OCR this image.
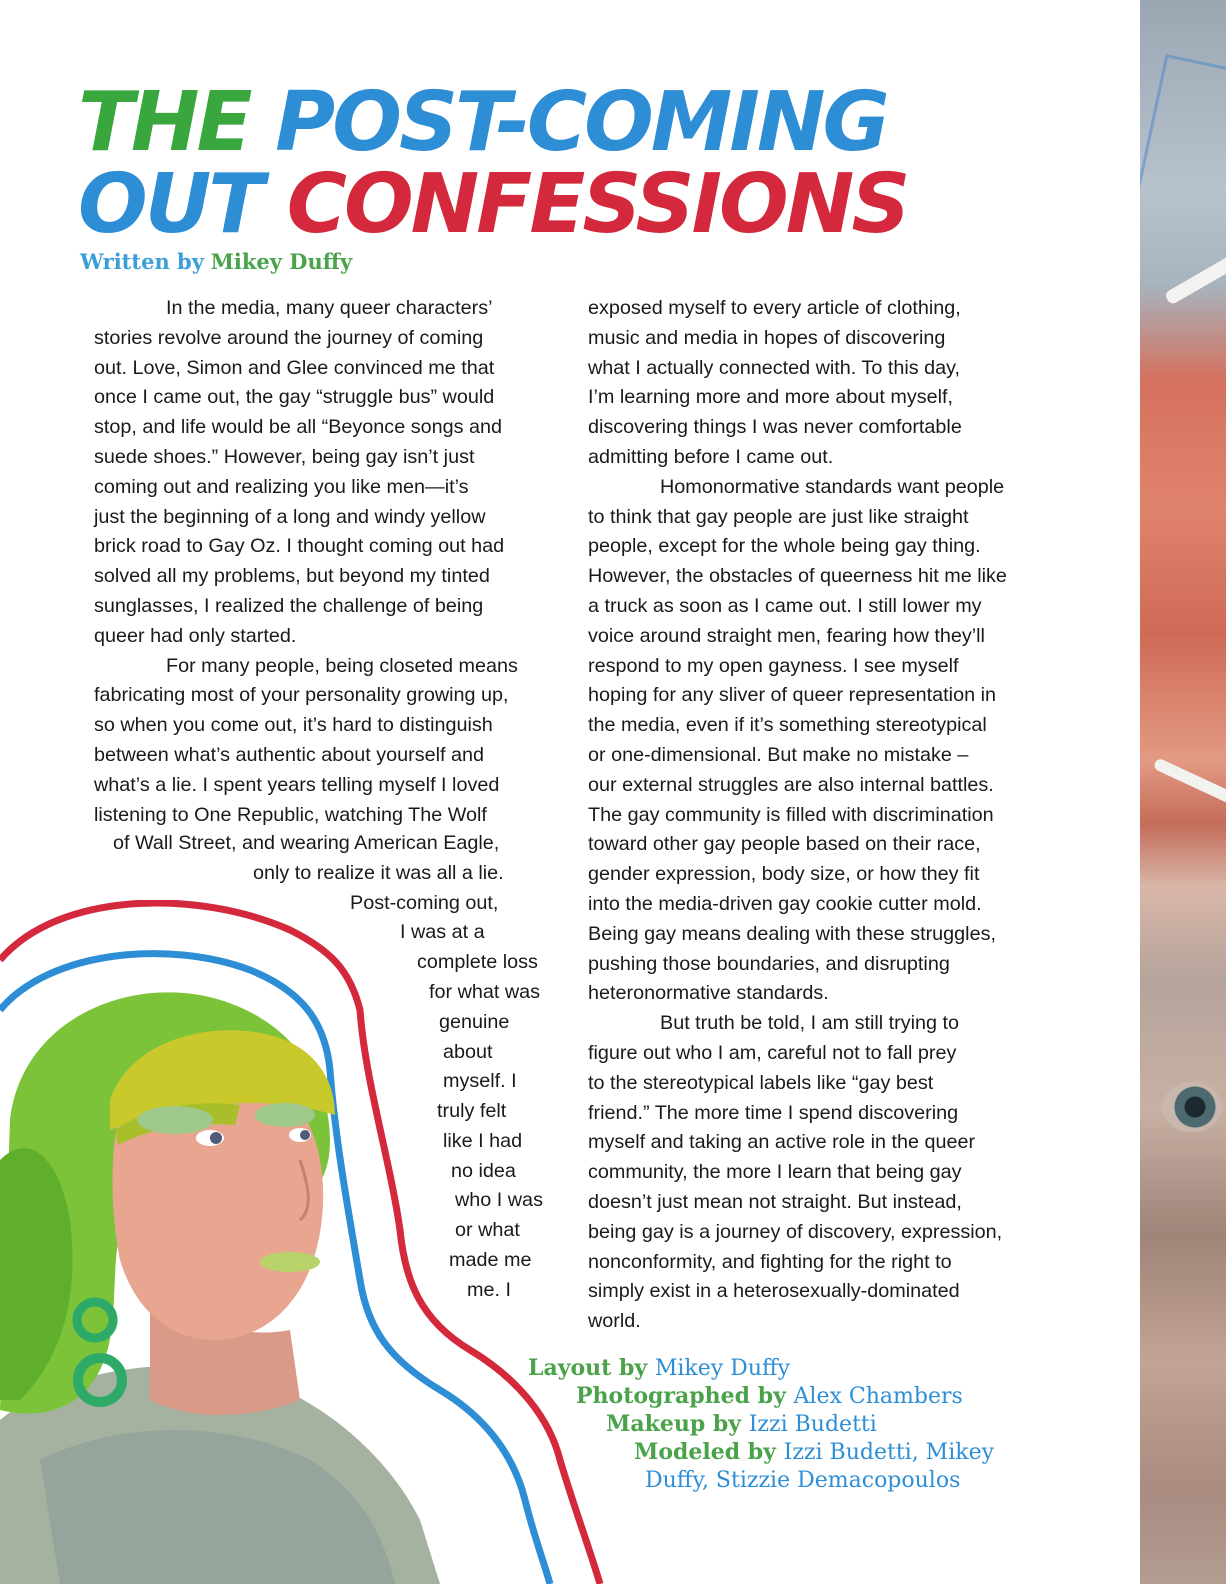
THE POST-COMING
OUT CONFESSIONS

Written by Mikey Duffy

In the media, many queer characters’
stories revolve around the journey of coming
out. Love, Simon and Glee convinced me that
once I came out, the gay “struggle bus” would
stop, and life would be all “Beyonce songs and
suede shoes.” However, being gay isn’t just
coming out and realizing you like men—it’s
just the beginning of a long and windy yellow
brick road to Gay Oz. I thought coming out had
solved all my problems, but beyond my tinted
sunglasses, I realized the challenge of being
queer had only started.

For many people, being closeted means
fabricating most of your personality growing up,
so when you come out, it’s hard to distinguish
between what’s authentic about yourself and
what’s a lie. I spent years telling myself I loved
listening to One Republic, watching The Wolf

of Wall Street, and wearing American Eagle,
only to realize it was all a lie.
Post-coming out,
I was at a
complete loss
for what was
genuine
about
myself. I
truly felt
like I had
no idea
who I was
or what
made me
me. I

exposed myself to every article of clothing,
music and media in hopes of discovering
what I actually connected with. To this day,
I’m learning more and more about myself,
discovering things I was never comfortable
admitting before I came out.

Homonormative standards want people
to think that gay people are just like straight
people, except for the whole being gay thing.
However, the obstacles of queerness hit me like
a truck as soon as I came out. I still lower my
voice around straight men, fearing how they’ll
respond to my open gayness. I see myself
hoping for any sliver of queer representation in
the media, even if it’s something stereotypical
or one-dimensional. But make no mistake –
our external struggles are also internal battles.
The gay community is filled with discrimination
toward other gay people based on their race,
gender expression, body size, or how they fit
into the media-driven gay cookie cutter mold.
Being gay means dealing with these struggles,
pushing those boundaries, and disrupting
heteronormative standards.

But truth be told, I am still trying to
figure out who I am, careful not to fall prey
to the stereotypical labels like “gay best
friend.” The more time I spend discovering
myself and taking an active role in the queer
community, the more I learn that being gay
doesn’t just mean not straight. But instead,
being gay is a journey of discovery, expression,
nonconformity, and fighting for the right to
simply exist in a heterosexually-dominated
world.

Layout by Mikey Duffy
Photographed by Alex Chambers
Makeup by Izzi Budetti
Modeled by Izzi Budetti, Mikey
Duffy, Stizzie Demacopoulos
